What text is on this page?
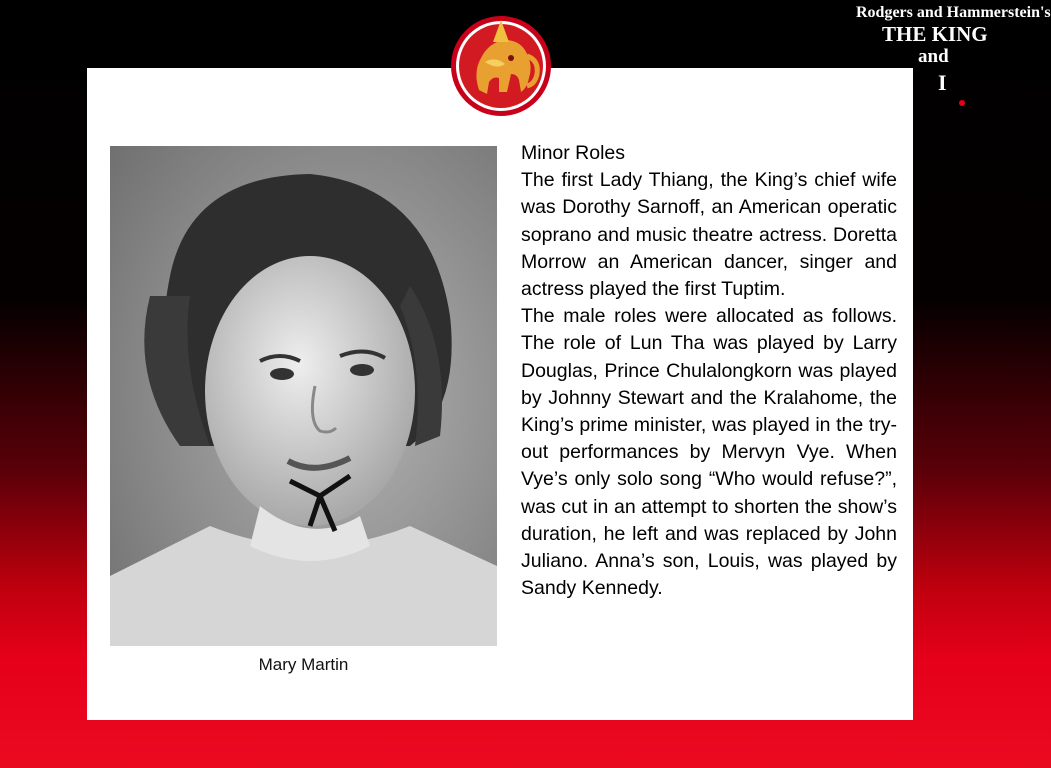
Rodgers and Hammerstein's
THE KING
and
I
Mary Martin

Minor Roles

The first Lady Thiang, the King’s chief wife was Dorothy Sarnoff, an American operatic soprano and music theatre actress. Doretta Morrow an American dancer, singer and actress played the first Tuptim.

The male roles were allocated as follows. The role of Lun Tha was played by Larry Douglas, Prince Chulalongkorn was played by Johnny Stewart and the Kralahome, the King’s prime minister, was played in the try-out performances by Mervyn Vye. When Vye’s only solo song “Who would refuse?”, was cut in an attempt to shorten the show’s duration, he left and was replaced by John Juliano. Anna’s son, Louis, was played by Sandy Kennedy.
